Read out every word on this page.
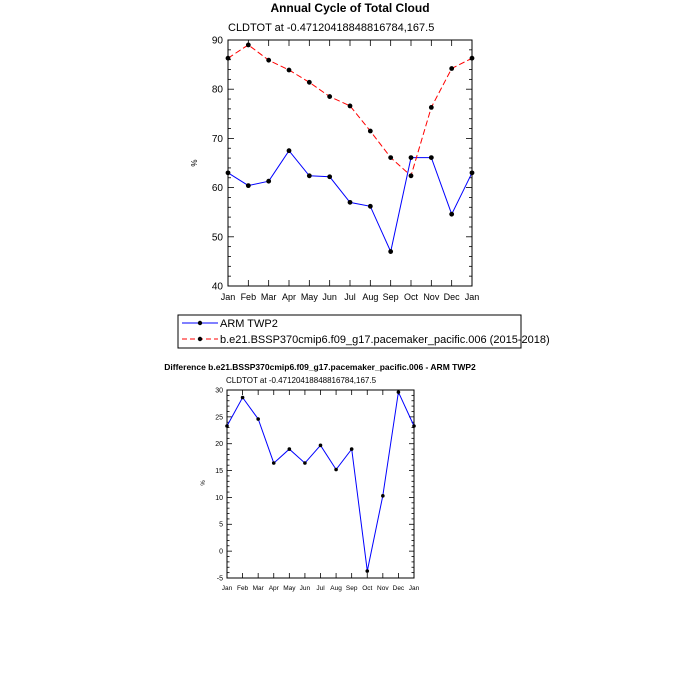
Annual Cycle of Total Cloud
CLDTOT at -0.47120418848816784,167.5
%
40
50
60
70
80
90
Jan Feb Mar Apr May Jun Jul Aug Sep Oct Nov Dec Jan
ARM TWP2
b.e21.BSSP370cmip6.f09_g17.pacemaker_pacific.006 (2015-2018)
Difference b.e21.BSSP370cmip6.f09_g17.pacemaker_pacific.006 - ARM TWP2
CLDTOT at -0.47120418848816784,167.5
%
-5
0
5
10
15
20
25
30
Jan Feb Mar Apr May Jun Jul Aug Sep Oct Nov Dec Jan
